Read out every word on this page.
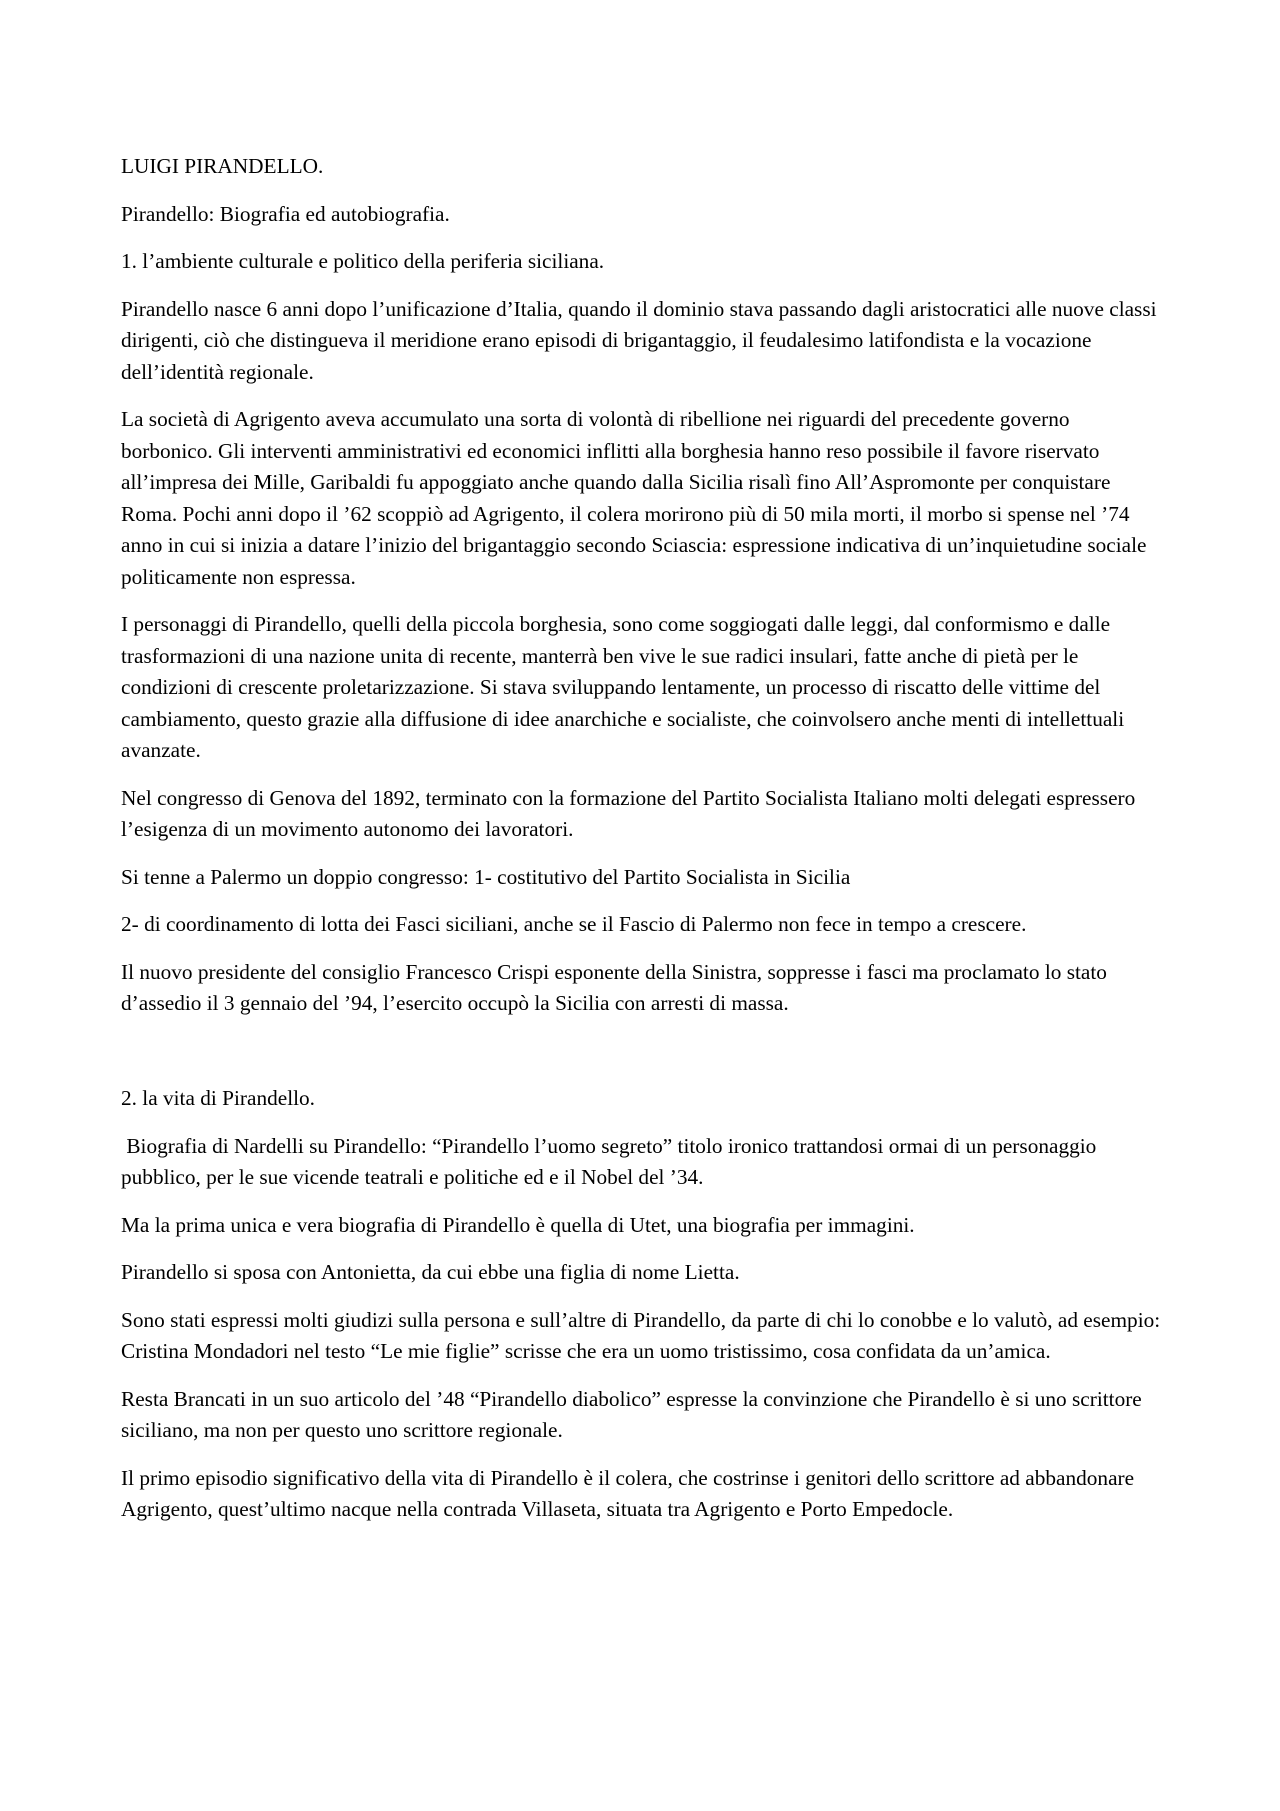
LUIGI PIRANDELLO.

Pirandello: Biografia ed autobiografia.

1. l’ambiente culturale e politico della periferia siciliana.

Pirandello nasce 6 anni dopo l’unificazione d’Italia, quando il dominio stava passando dagli aristocratici alle nuove classi dirigenti, ciò che distingueva il meridione erano episodi di brigantaggio, il feudalesimo latifondista e la vocazione dell’identità regionale.

La società di Agrigento aveva accumulato una sorta di volontà di ribellione nei riguardi del precedente governo borbonico. Gli interventi amministrativi ed economici inflitti alla borghesia hanno reso possibile il favore riservato all’impresa dei Mille, Garibaldi fu appoggiato anche quando dalla Sicilia risalì fino All’Aspromonte per conquistare Roma. Pochi anni dopo il ’62 scoppiò ad Agrigento, il colera morirono più di 50 mila morti, il morbo si spense nel ’74 anno in cui si inizia a datare l’inizio del brigantaggio secondo Sciascia: espressione indicativa di un’inquietudine sociale politicamente non espressa.

I personaggi di Pirandello, quelli della piccola borghesia, sono come soggiogati dalle leggi, dal conformismo e dalle trasformazioni di una nazione unita di recente, manterrà ben vive le sue radici insulari, fatte anche di pietà per le condizioni di crescente proletarizzazione. Si stava sviluppando lentamente, un processo di riscatto delle vittime del cambiamento, questo grazie alla diffusione di idee anarchiche e socialiste, che coinvolsero anche menti di intellettuali avanzate.

Nel congresso di Genova del 1892, terminato con la formazione del Partito Socialista Italiano molti delegati espressero l’esigenza di un movimento autonomo dei lavoratori.

Si tenne a Palermo un doppio congresso: 1- costitutivo del Partito Socialista in Sicilia

2- di coordinamento di lotta dei Fasci siciliani, anche se il Fascio di Palermo non fece in tempo a crescere.

Il nuovo presidente del consiglio Francesco Crispi esponente della Sinistra, soppresse i fasci ma proclamato lo stato d’assedio il 3 gennaio del ’94, l’esercito occupò la Sicilia con arresti di massa.

2. la vita di Pirandello.

Biografia di Nardelli su Pirandello: “Pirandello l’uomo segreto” titolo ironico trattandosi ormai di un personaggio pubblico, per le sue vicende teatrali e politiche ed e il Nobel del ’34.

Ma la prima unica e vera biografia di Pirandello è quella di Utet, una biografia per immagini.

Pirandello si sposa con Antonietta, da cui ebbe una figlia di nome Lietta.

Sono stati espressi molti giudizi sulla persona e sull’altre di Pirandello, da parte di chi lo conobbe e lo valutò, ad esempio: Cristina Mondadori nel testo “Le mie figlie” scrisse che era un uomo tristissimo, cosa confidata da un’amica.

Resta Brancati in un suo articolo del ’48 “Pirandello diabolico” espresse la convinzione che Pirandello è si uno scrittore siciliano, ma non per questo uno scrittore regionale.

Il primo episodio significativo della vita di Pirandello è il colera, che costrinse i genitori dello scrittore ad abbandonare Agrigento, quest’ultimo nacque nella contrada Villaseta, situata tra Agrigento e Porto Empedocle.
